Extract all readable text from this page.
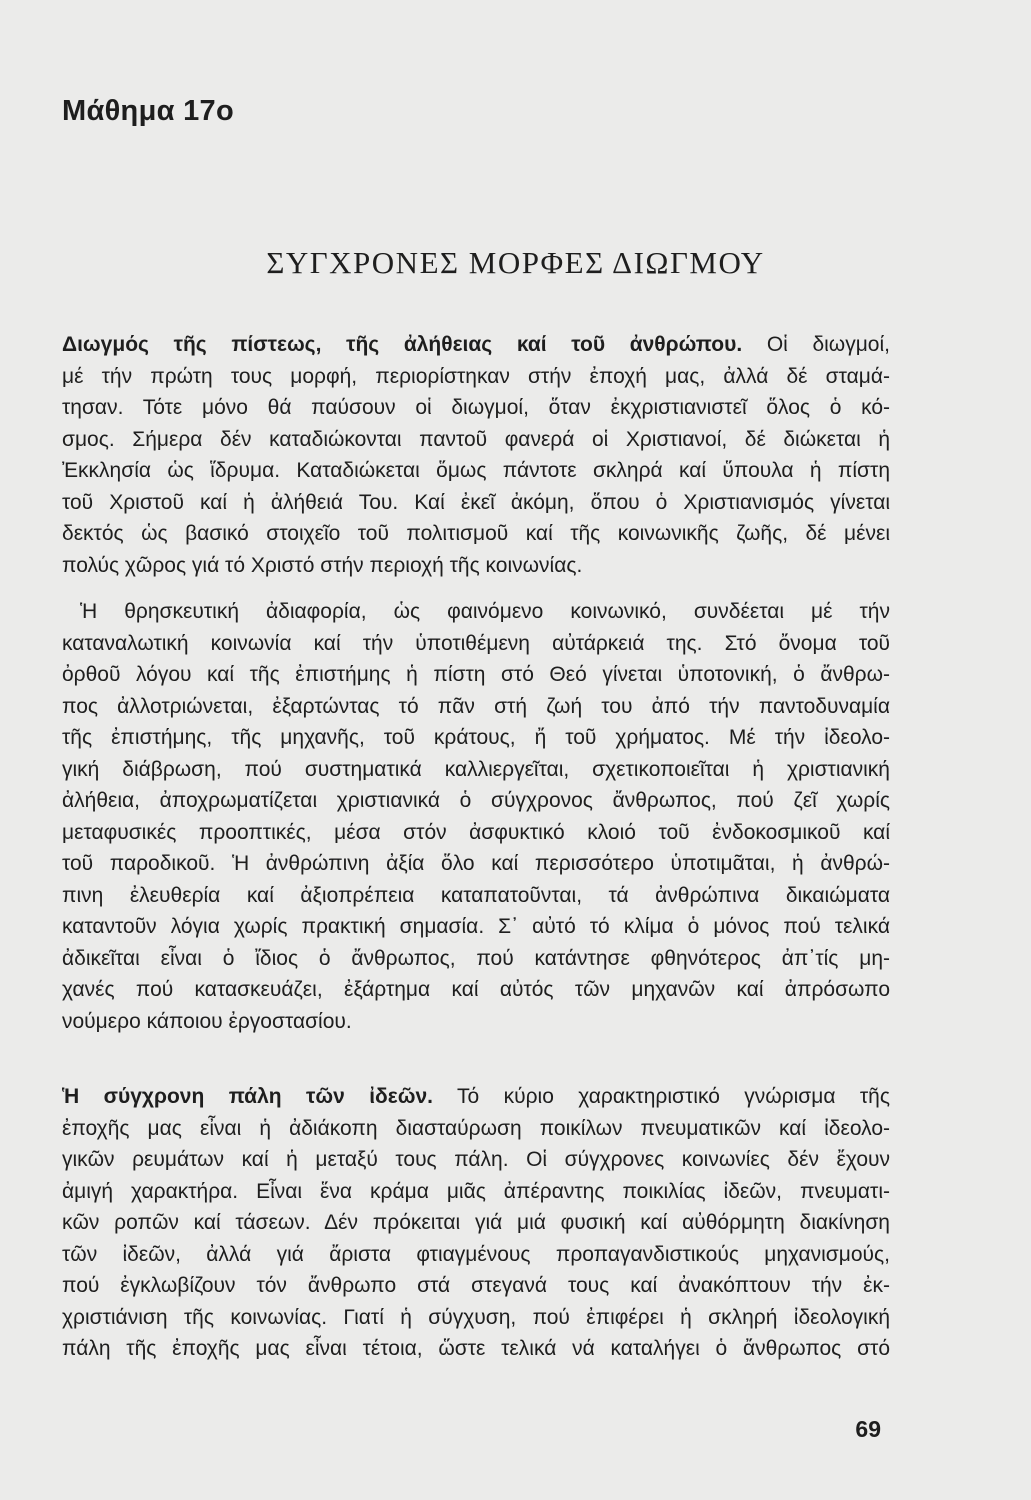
Μάθημα 17ο
ΣΥΓΧΡΟΝΕΣ ΜΟΡΦΕΣ ΔΙΩΓΜΟΥ
Διωγμός τῆς πίστεως, τῆς ἀλήθειας καί τοῦ ἀνθρώπου. Οἱ διωγμοί,
μέ τήν πρώτη τους μορφή, περιορίστηκαν στήν ἐποχή μας, ἀλλά δέ σταμά-
τησαν. Τότε μόνο θά παύσουν οἱ διωγμοί, ὅταν ἐκχριστιανιστεῖ ὅλος ὁ κό-
σμος. Σήμερα δέν καταδιώκονται παντοῦ φανερά οἱ Χριστιανοί, δέ διώκεται ἡ
Ἐκκλησία ὡς ἵδρυμα. Καταδιώκεται ὅμως πάντοτε σκληρά καί ὕπουλα ἡ πίστη
τοῦ Χριστοῦ καί ἡ ἀλήθειά Του. Καί ἐκεῖ ἀκόμη, ὅπου ὁ Χριστιανισμός γίνεται
δεκτός ὡς βασικό στοιχεῖο τοῦ πολιτισμοῦ καί τῆς κοινωνικῆς ζωῆς, δέ μένει
πολύς χῶρος γιά τό Χριστό στήν περιοχή τῆς κοινωνίας.
Ἡ θρησκευτική ἀδιαφορία, ὡς φαινόμενο κοινωνικό, συνδέεται μέ τήν
καταναλωτική κοινωνία καί τήν ὑποτιθέμενη αὐτάρκειά της. Στό ὄνομα τοῦ
ὀρθοῦ λόγου καί τῆς ἐπιστήμης ἡ πίστη στό Θεό γίνεται ὑποτονική, ὁ ἄνθρω-
πος ἀλλοτριώνεται, ἐξαρτώντας τό πᾶν στή ζωή του ἀπό τήν παντοδυναμία
τῆς ἐπιστήμης, τῆς μηχανῆς, τοῦ κράτους, ἤ τοῦ χρήματος. Μέ τήν ἰδεολο-
γική διάβρωση, πού συστηματικά καλλιεργεῖται, σχετικοποιεῖται ἡ χριστιανική
ἀλήθεια, ἀποχρωματίζεται χριστιανικά ὁ σύγχρονος ἄνθρωπος, πού ζεῖ χωρίς
μεταφυσικές προοπτικές, μέσα στόν ἀσφυκτικό κλοιό τοῦ ἐνδοκοσμικοῦ καί
τοῦ παροδικοῦ. Ἡ ἀνθρώπινη ἀξία ὅλο καί περισσότερο ὑποτιμᾶται, ἡ ἀνθρώ-
πινη ἐλευθερία καί ἀξιοπρέπεια καταπατοῦνται, τά ἀνθρώπινα δικαιώματα
καταντοῦν λόγια χωρίς πρακτική σημασία. Σ᾿ αὐτό τό κλίμα ὁ μόνος πού τελικά
ἀδικεῖται εἶναι ὁ ἴδιος ὁ ἄνθρωπος, πού κατάντησε φθηνότερος ἀπ᾿τίς μη-
χανές πού κατασκευάζει, ἐξάρτημα καί αὐτός τῶν μηχανῶν καί ἀπρόσωπο
νούμερο κάποιου ἐργοστασίου.
Ἡ σύγχρονη πάλη τῶν ἰδεῶν. Τό κύριο χαρακτηριστικό γνώρισμα τῆς
ἐποχῆς μας εἶναι ἡ ἀδιάκοπη διασταύρωση ποικίλων πνευματικῶν καί ἰδεολο-
γικῶν ρευμάτων καί ἡ μεταξύ τους πάλη. Οἱ σύγχρονες κοινωνίες δέν ἔχουν
ἀμιγή χαρακτήρα. Εἶναι ἕνα κράμα μιᾶς ἀπέραντης ποικιλίας ἰδεῶν, πνευματι-
κῶν ροπῶν καί τάσεων. Δέν πρόκειται γιά μιά φυσική καί αὐθόρμητη διακίνηση
τῶν ἰδεῶν, ἀλλά γιά ἄριστα φτιαγμένους προπαγανδιστικούς μηχανισμούς,
πού ἐγκλωβίζουν τόν ἄνθρωπο στά στεγανά τους καί ἀνακόπτουν τήν ἐκ-
χριστιάνιση τῆς κοινωνίας. Γιατί ἡ σύγχυση, πού ἐπιφέρει ἡ σκληρή ἰδεολογική
πάλη τῆς ἐποχῆς μας εἶναι τέτοια, ὥστε τελικά νά καταλήγει ὁ ἄνθρωπος στό
69
